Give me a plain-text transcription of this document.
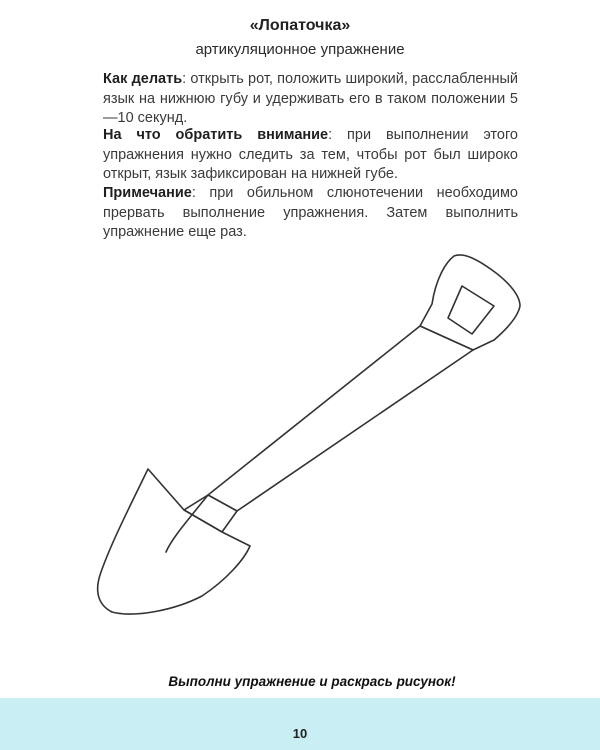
«Лопаточка»
артикуляционное упражнение

Как делать: открыть рот, положить широкий, расслабленный язык на нижнюю губу и удерживать его в таком положении 5—10 секунд.

На что обратить внимание: при выполнении этого упражнения нужно следить за тем, чтобы рот был широко открыт, язык зафиксирован на нижней губе.

Примечание: при обильном слюнотечении необходимо прервать выполнение упражнения. Затем выполнить упражнение еще раз.

Выполни упражнение и раскрась рисунок!
10
